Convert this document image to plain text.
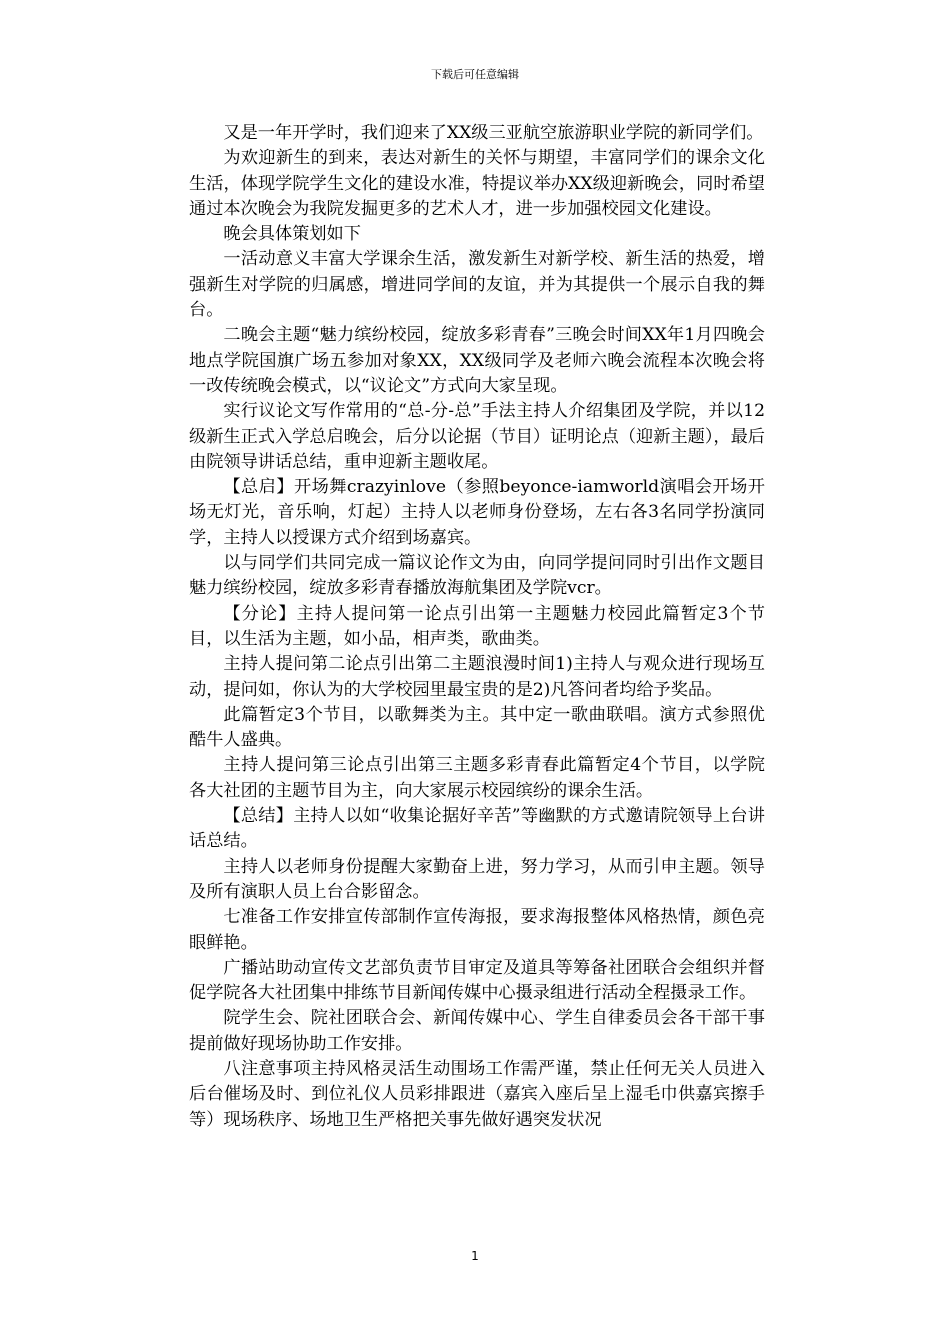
下载后可任意编辑

又是一年开学时，我们迎来了XX级三亚航空旅游职业学院的新同学们。

为欢迎新生的到来，表达对新生的关怀与期望，丰富同学们的课余文化生活，体现学院学生文化的建设水准，特提议举办XX级迎新晚会，同时希望通过本次晚会为我院发掘更多的艺术人才，进一步加强校园文化建设。

晚会具体策划如下

一活动意义丰富大学课余生活，激发新生对新学校、新生活的热爱，增强新生对学院的归属感，增进同学间的友谊，并为其提供一个展示自我的舞台。

二晚会主题“魅力缤纷校园，绽放多彩青春”三晚会时间XX年1月四晚会地点学院国旗广场五参加对象XX，XX级同学及老师六晚会流程本次晚会将一改传统晚会模式，以“议论文”方式向大家呈现。

实行议论文写作常用的“总-分-总”手法主持人介绍集团及学院，并以12级新生正式入学总启晚会，后分以论据（节目）证明论点（迎新主题），最后由院领导讲话总结，重申迎新主题收尾。

【总启】开场舞crazyinlove（参照beyonce-iamworld演唱会开场开场无灯光，音乐响，灯起）主持人以老师身份登场，左右各3名同学扮演同学，主持人以授课方式介绍到场嘉宾。

以与同学们共同完成一篇议论作文为由，向同学提问同时引出作文题目魅力缤纷校园，绽放多彩青春播放海航集团及学院vcr。

【分论】主持人提问第一论点引出第一主题魅力校园此篇暂定3个节目，以生活为主题，如小品，相声类，歌曲类。

主持人提问第二论点引出第二主题浪漫时间1)主持人与观众进行现场互动，提问如，你认为的大学校园里最宝贵的是2)凡答问者均给予奖品。

此篇暂定3个节目，以歌舞类为主。其中定一歌曲联唱。演方式参照优酷牛人盛典。

主持人提问第三论点引出第三主题多彩青春此篇暂定4个节目，以学院各大社团的主题节目为主，向大家展示校园缤纷的课余生活。

【总结】主持人以如“收集论据好辛苦”等幽默的方式邀请院领导上台讲话总结。

主持人以老师身份提醒大家勤奋上进，努力学习，从而引申主题。领导及所有演职人员上台合影留念。

七准备工作安排宣传部制作宣传海报，要求海报整体风格热情，颜色亮眼鲜艳。

广播站助动宣传文艺部负责节目审定及道具等筹备社团联合会组织并督促学院各大社团集中排练节目新闻传媒中心摄录组进行活动全程摄录工作。

院学生会、院社团联合会、新闻传媒中心、学生自律委员会各干部干事提前做好现场协助工作安排。

八注意事项主持风格灵活生动围场工作需严谨，禁止任何无关人员进入后台催场及时、到位礼仪人员彩排跟进（嘉宾入座后呈上湿毛巾供嘉宾擦手等）现场秩序、场地卫生严格把关事先做好遇突发状况

1
